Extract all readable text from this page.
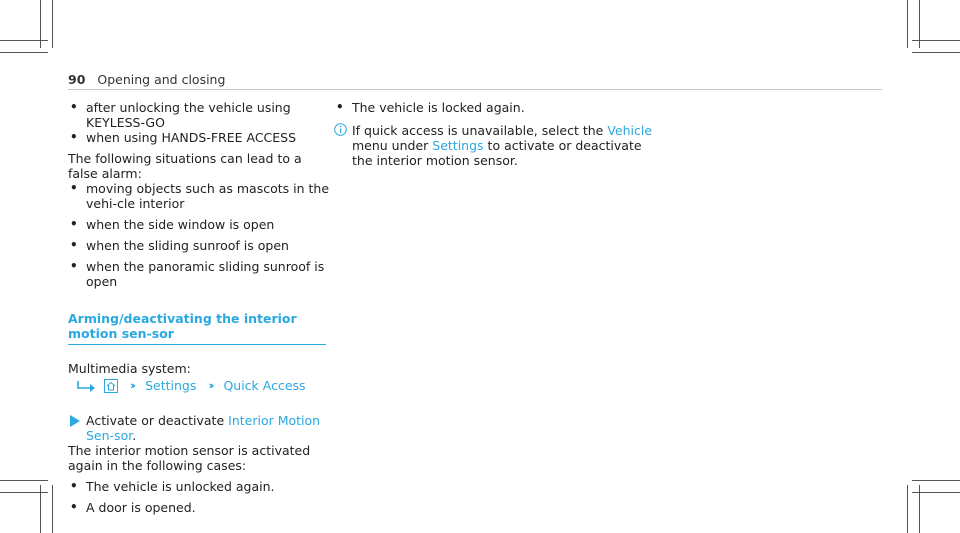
90 Opening and closing
• after unlocking the vehicle using KEYLESS-GO
• when using HANDS-FREE ACCESS
The following situations can lead to a false alarm:
• moving objects such as mascots in the vehi-cle interior
• when the side window is open
• when the sliding sunroof is open
• when the panoramic sliding sunroof is open
Arming/deactivating the interior motion sen-sor
Multimedia system:
›› Settings ›› Quick Access
Activate or deactivate Interior Motion Sen-sor.
The interior motion sensor is activated again in the following cases:
• The vehicle is unlocked again.
• A door is opened.
• The vehicle is locked again.
If quick access is unavailable, select the Vehicle menu under Settings to activate or deactivate the interior motion sensor.
